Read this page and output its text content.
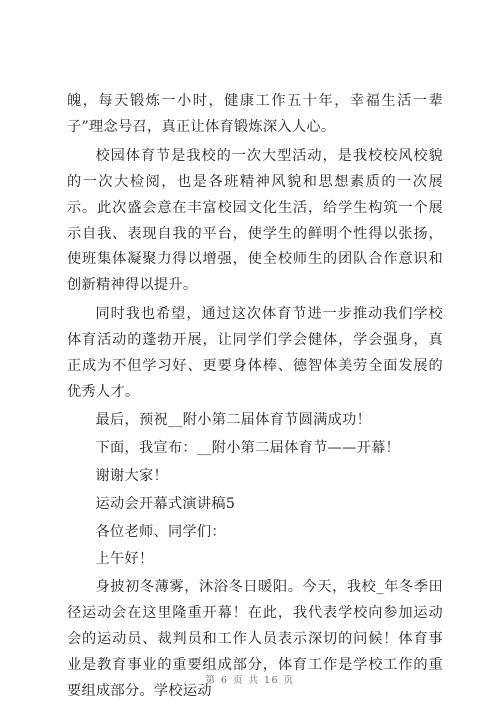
魄，每天锻炼一小时，健康工作五十年，幸福生活一辈子”理念号召，真正让体育锻炼深入人心。

校园体育节是我校的一次大型活动，是我校校风校貌的一次大检阅，也是各班精神风貌和思想素质的一次展示。此次盛会意在丰富校园文化生活，给学生构筑一个展示自我、表现自我的平台，使学生的鲜明个性得以张扬，使班集体凝聚力得以增强，使全校师生的团队合作意识和创新精神得以提升。

同时我也希望，通过这次体育节进一步推动我们学校体育活动的蓬勃开展，让同学们学会健体，学会强身，真正成为不但学习好、更要身体棒、德智体美劳全面发展的优秀人才。

最后，预祝__附小第二届体育节圆满成功！

下面，我宣布：__附小第二届体育节——开幕！

谢谢大家！

运动会开幕式演讲稿5

各位老师、同学们：

上午好！

身披初冬薄雾，沐浴冬日暖阳。今天，我校_年冬季田径运动会在这里隆重开幕！在此，我代表学校向参加运动会的运动员、裁判员和工作人员表示深切的问候！体育事业是教育事业的重要组成部分，体育工作是学校工作的重要组成部分。学校运动

第 6 页 共 16 页
